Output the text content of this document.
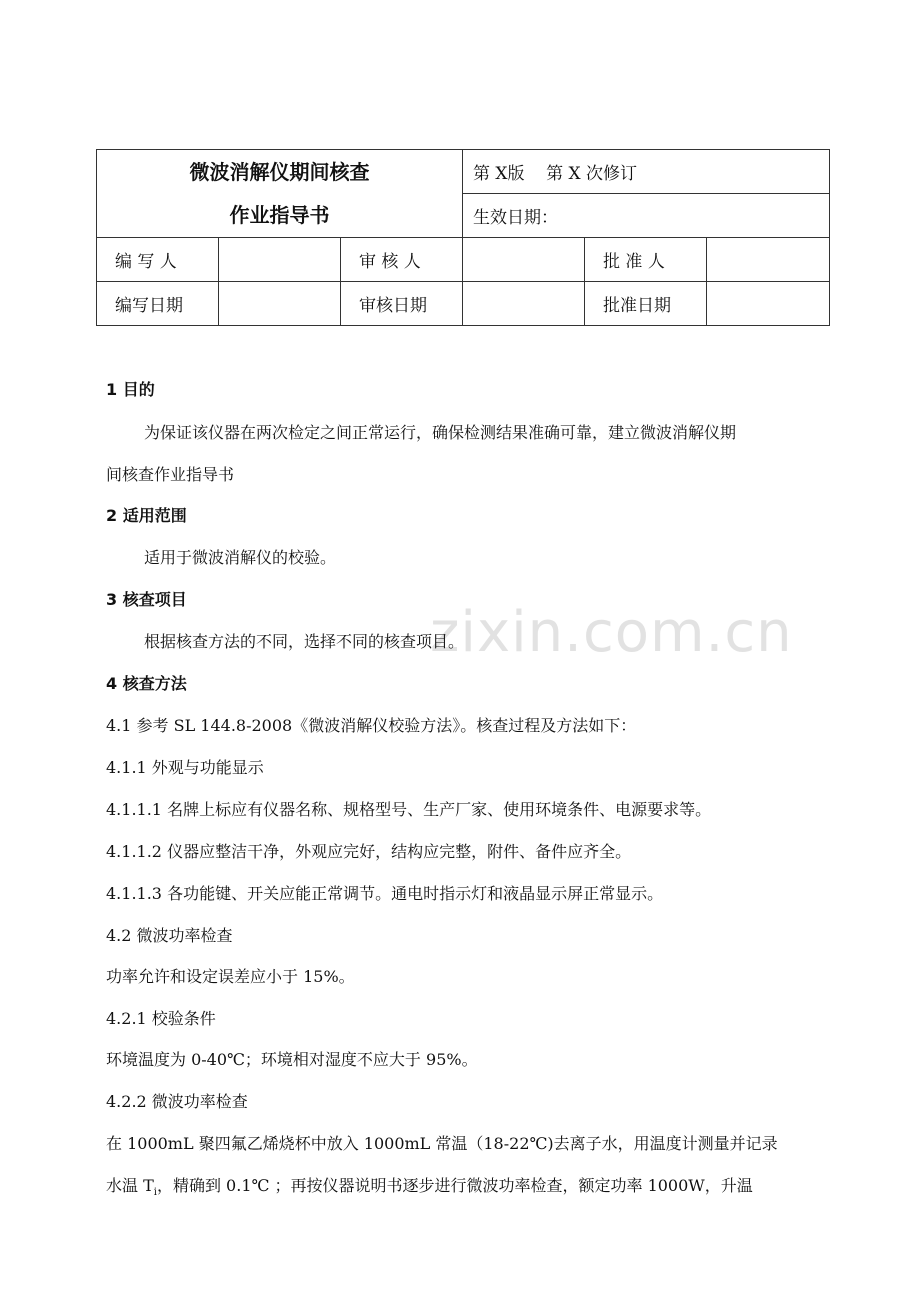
微波消解仪期间核查
作业指导书			第 X版    第 X 次修订		
			生效日期：		
编 写 人		审 核 人		批 准 人	
编写日期		审核日期		批准日期	
zixin.com.cn
1 目的
为保证该仪器在两次检定之间正常运行，确保检测结果准确可靠，建立微波消解仪期
间核查作业指导书
2 适用范围
适用于微波消解仪的校验。
3 核查项目
根据核查方法的不同，选择不同的核查项目。
4 核查方法
4.1 参考 SL 144.8-2008《微波消解仪校验方法》。核查过程及方法如下：
4.1.1 外观与功能显示
4.1.1.1 名牌上标应有仪器名称、规格型号、生产厂家、使用环境条件、电源要求等。
4.1.1.2 仪器应整洁干净，外观应完好，结构应完整，附件、备件应齐全。
4.1.1.3 各功能键、开关应能正常调节。通电时指示灯和液晶显示屏正常显示。
4.2 微波功率检查
功率允许和设定误差应小于 15%。
4.2.1 校验条件
环境温度为 0-40℃；环境相对湿度不应大于 95%。
4.2.2 微波功率检查
在 1000mL 聚四氟乙烯烧杯中放入 1000mL 常温（18-22℃)去离子水，用温度计测量并记录
水温 $T_i$，精确到 0.1℃ ；再按仪器说明书逐步进行微波功率检查，额定功率 1000W，升温
